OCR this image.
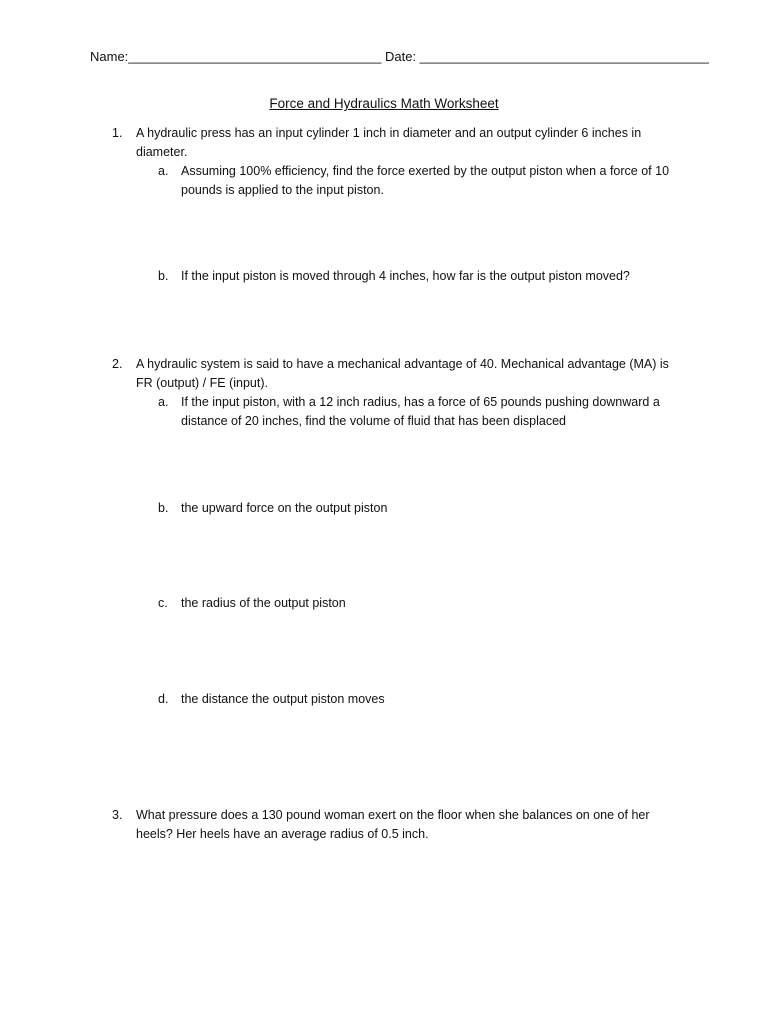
Name:___________________________________ Date: ________________________________________
Force and Hydraulics Math Worksheet
1. A hydraulic press has an input cylinder 1 inch in diameter and an output cylinder 6 inches in diameter.
a. Assuming 100% efficiency, find the force exerted by the output piston when a force of 10 pounds is applied to the input piston.
b. If the input piston is moved through 4 inches, how far is the output piston moved?
2. A hydraulic system is said to have a mechanical advantage of 40. Mechanical advantage (MA) is FR (output) / FE (input).
a. If the input piston, with a 12 inch radius, has a force of 65 pounds pushing downward a distance of 20 inches, find the volume of fluid that has been displaced
b. the upward force on the output piston
c. the radius of the output piston
d. the distance the output piston moves
3. What pressure does a 130 pound woman exert on the floor when she balances on one of her heels? Her heels have an average radius of 0.5 inch.
